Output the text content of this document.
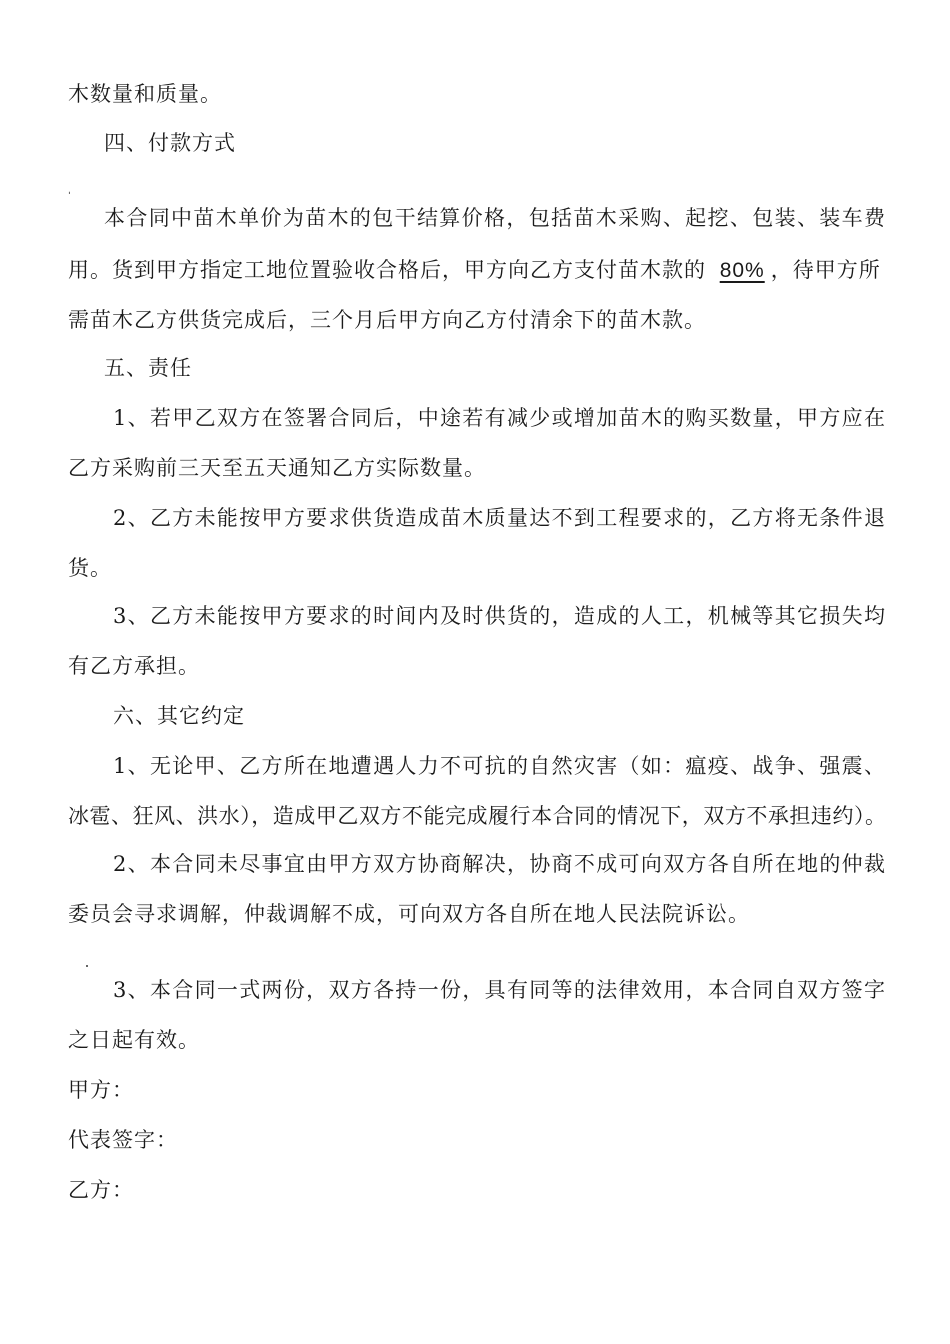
木数量和质量。
四、付款方式
ˌ
本合同中苗木单价为苗木的包干结算价格，包括苗木采购、起挖、包装、装车费
用。货到甲方指定工地位置验收合格后，甲方向乙方支付苗木款的 80% ，待甲方所
需苗木乙方供货完成后，三个月后甲方向乙方付清余下的苗木款。
五、责任
1、若甲乙双方在签署合同后，中途若有减少或增加苗木的购买数量，甲方应在
乙方采购前三天至五天通知乙方实际数量。
2、乙方未能按甲方要求供货造成苗木质量达不到工程要求的，乙方将无条件退
货。
3、乙方未能按甲方要求的时间内及时供货的，造成的人工，机械等其它损失均
有乙方承担。
六、其它约定
1、无论甲、乙方所在地遭遇人力不可抗的自然灾害（如：瘟疫、战争、强震、
冰雹、狂风、洪水），造成甲乙双方不能完成履行本合同的情况下，双方不承担违约）。
2、本合同未尽事宜由甲方双方协商解决，协商不成可向双方各自所在地的仲裁
委员会寻求调解，仲裁调解不成，可向双方各自所在地人民法院诉讼。
3、本合同一式两份，双方各持一份，具有同等的法律效用，本合同自双方签字
之日起有效。
甲方：
代表签字：
乙方：
